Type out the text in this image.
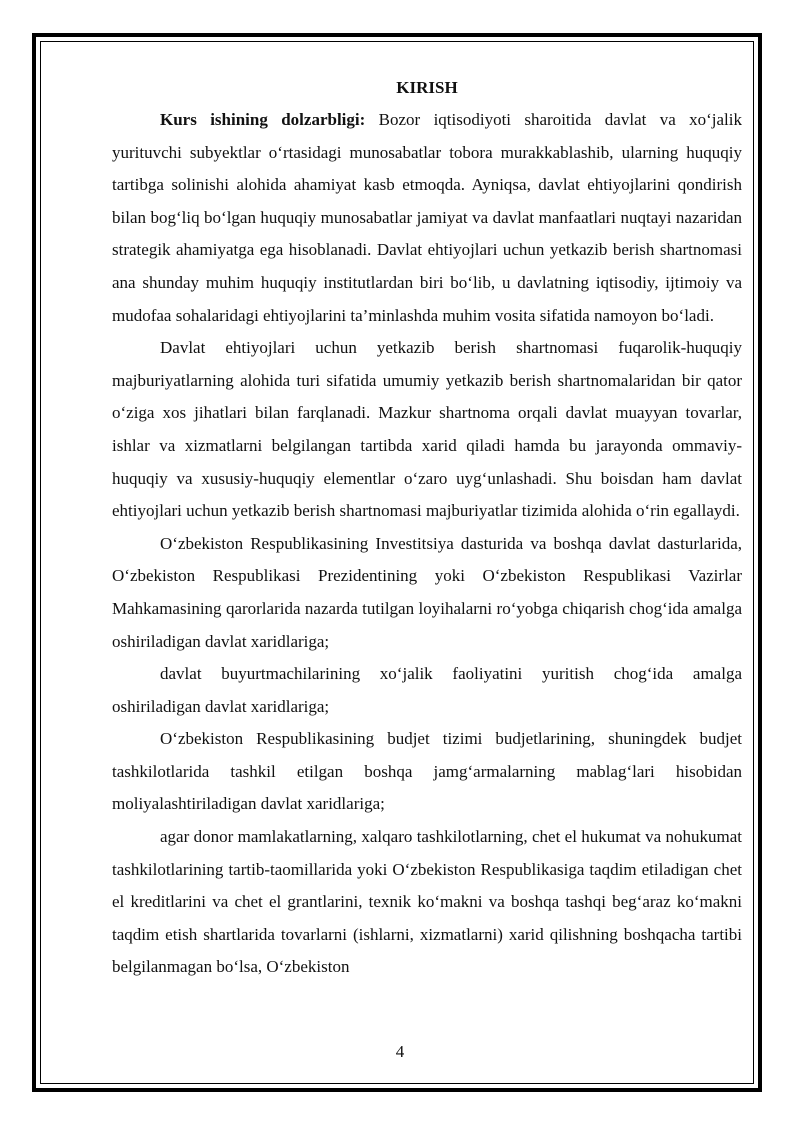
KIRISH

Kurs ishining dolzarbligi: Bozor iqtisodiyoti sharoitida davlat va xo‘jalik yurituvchi subyektlar o‘rtasidagi munosabatlar tobora murakkablashib, ularning huquqiy tartibga solinishi alohida ahamiyat kasb etmoqda. Ayniqsa, davlat ehtiyojlarini qondirish bilan bog‘liq bo‘lgan huquqiy munosabatlar jamiyat va davlat manfaatlari nuqtayi nazaridan strategik ahamiyatga ega hisoblanadi. Davlat ehtiyojlari uchun yetkazib berish shartnomasi ana shunday muhim huquqiy institutlardan biri bo‘lib, u davlatning iqtisodiy, ijtimoiy va mudofaa sohalaridagi ehtiyojlarini ta’minlashda muhim vosita sifatida namoyon bo‘ladi.

Davlat ehtiyojlari uchun yetkazib berish shartnomasi fuqarolik-huquqiy majburiyatlarning alohida turi sifatida umumiy yetkazib berish shartnomalaridan bir qator o‘ziga xos jihatlari bilan farqlanadi. Mazkur shartnoma orqali davlat muayyan tovarlar, ishlar va xizmatlarni belgilangan tartibda xarid qiladi hamda bu jarayonda ommaviy-huquqiy va xususiy-huquqiy elementlar o‘zaro uyg‘unlashadi. Shu boisdan ham davlat ehtiyojlari uchun yetkazib berish shartnomasi majburiyatlar tizimida alohida o‘rin egallaydi.

O‘zbekiston Respublikasining Investitsiya dasturida va boshqa davlat dasturlarida, O‘zbekiston Respublikasi Prezidentining yoki O‘zbekiston Respublikasi Vazirlar Mahkamasining qarorlarida nazarda tutilgan loyihalarni ro‘yobga chiqarish chog‘ida amalga oshiriladigan davlat xaridlariga;

davlat buyurtmachilarining xo‘jalik faoliyatini yuritish chog‘ida amalga oshiriladigan davlat xaridlariga;

O‘zbekiston Respublikasining budjet tizimi budjetlarining, shuningdek budjet tashkilotlarida tashkil etilgan boshqa jamg‘armalarning mablag‘lari hisobidan moliyalashtiriladigan davlat xaridlariga;

agar donor mamlakatlarning, xalqaro tashkilotlarning, chet el hukumat va nohukumat tashkilotlarining tartib-taomillarida yoki O‘zbekiston Respublikasiga taqdim etiladigan chet el kreditlarini va chet el grantlarini, texnik ko‘makni va boshqa tashqi beg‘araz ko‘makni taqdim etish shartlarida tovarlarni (ishlarni, xizmatlarni) xarid qilishning boshqacha tartibi belgilanmagan bo‘lsa, O‘zbekiston

4
